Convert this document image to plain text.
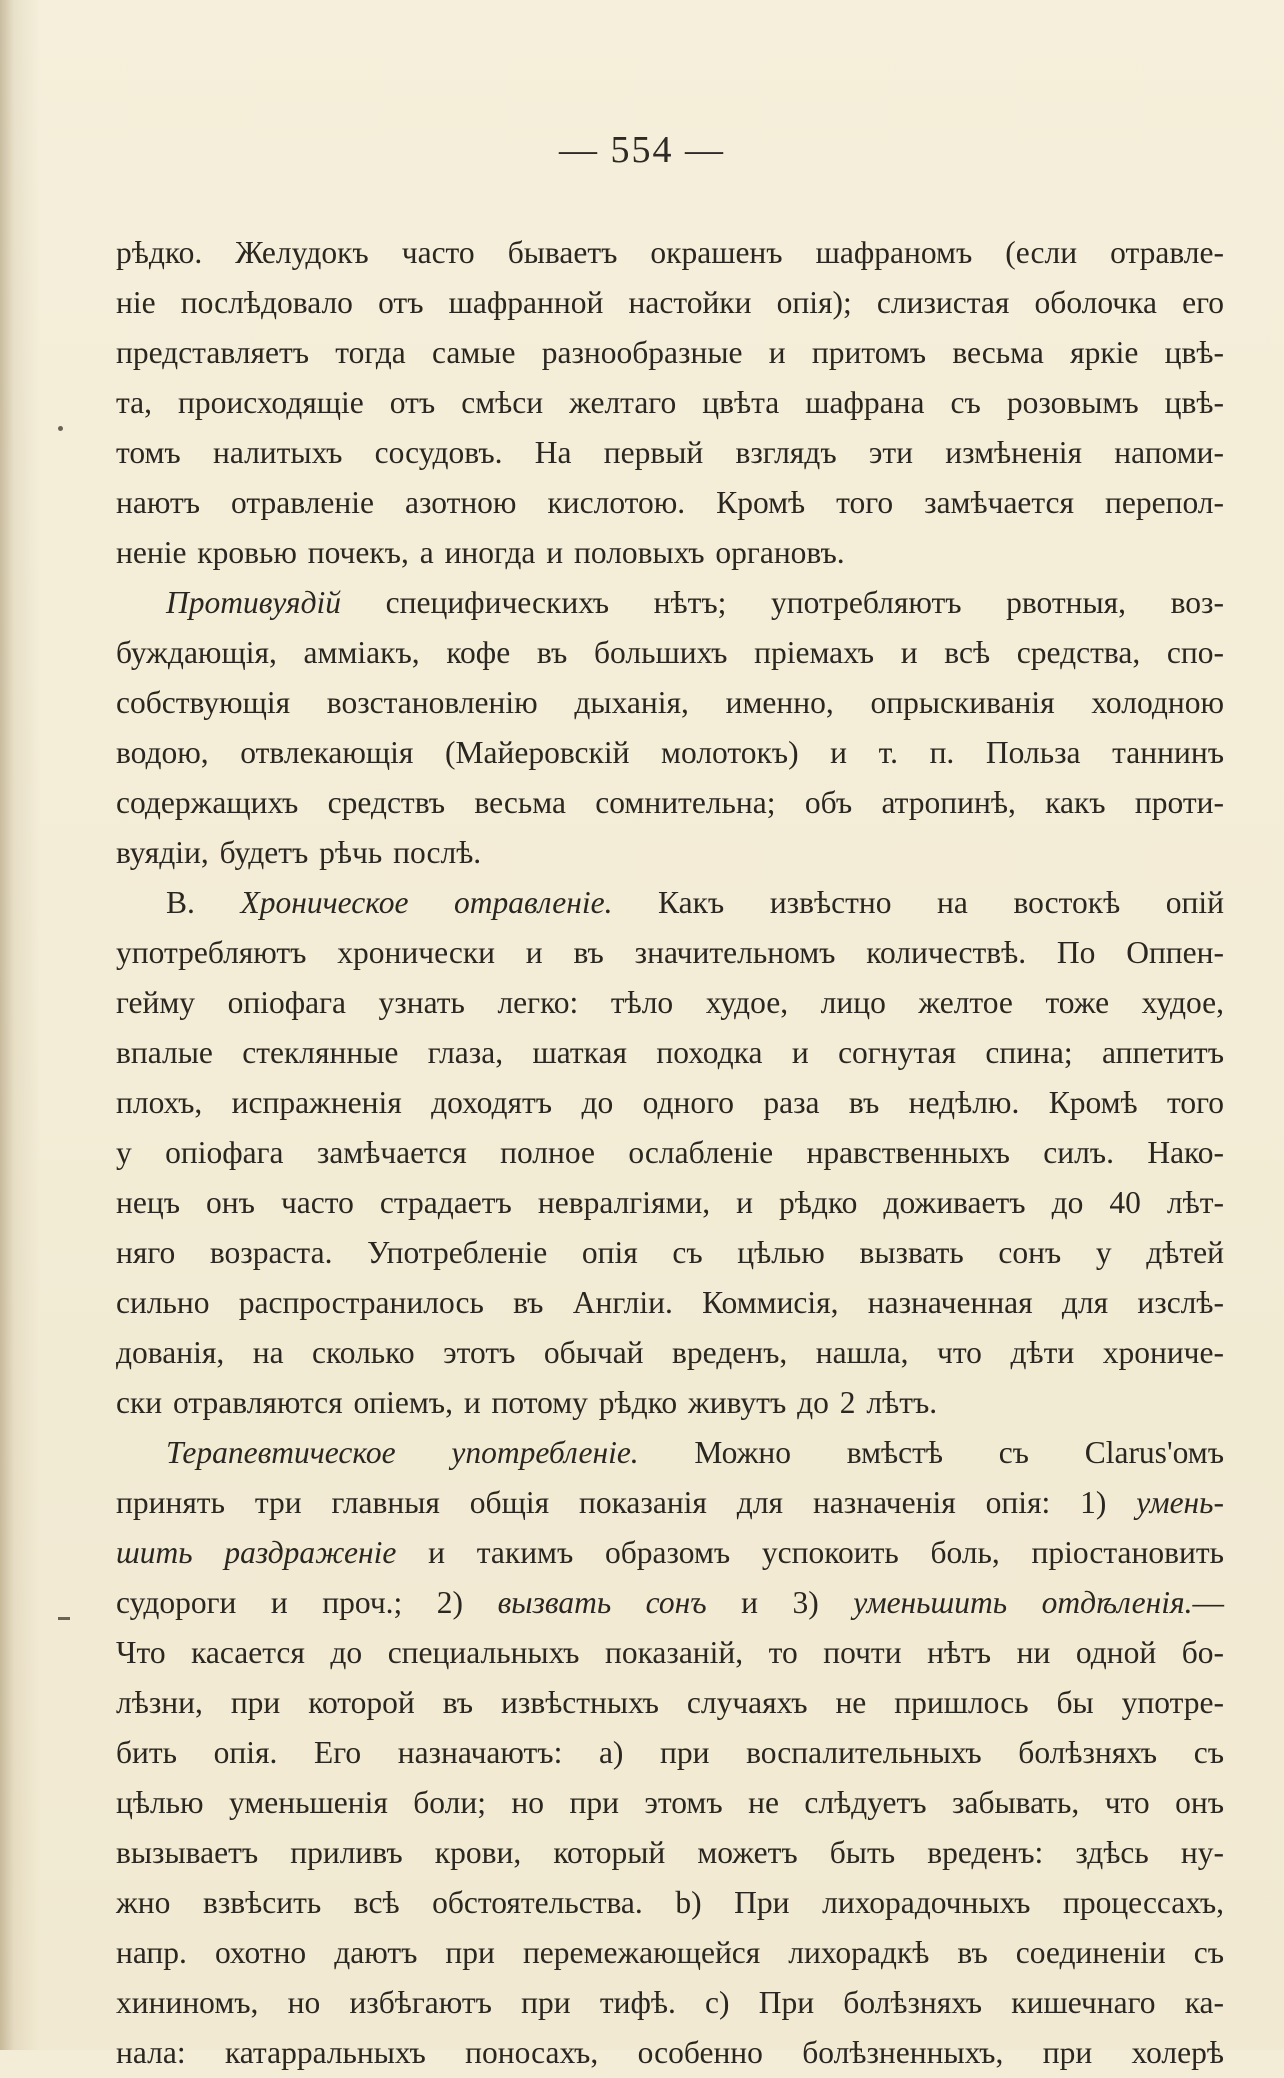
— 554 —

рѣдко. Желудокъ часто бываетъ окрашенъ шафраномъ (если отравле-
ніе послѣдовало отъ шафранной настойки опія); слизистая оболочка его
представляетъ тогда самые разнообразные и притомъ весьма яркіе цвѣ-
та, происходящіе отъ смѣси желтаго цвѣта шафрана съ розовымъ цвѣ-
томъ налитыхъ сосудовъ. На первый взглядъ эти измѣненія напоми-
наютъ отравленіе азотною кислотою. Кромѣ того замѣчается перепол-
неніе кровью почекъ, а иногда и половыхъ органовъ.

Противуядій специфическихъ нѣтъ; употребляютъ рвотныя, воз-
буждающія, аммiакъ, кофе въ большихъ пріемахъ и всѣ средства, спо-
собствующія возстановленію дыханія, именно, опрыскиванія холодною
водою, отвлекающія (Майеровскій молотокъ) и т. п. Польза таннинъ
содержащихъ средствъ весьма сомнительна; объ атропинѣ, какъ проти-
вуядіи, будетъ рѣчь послѣ.

В. Хроническое отравленіе. Какъ извѣстно на востокѣ опій
употребляютъ хронически и въ значительномъ количествѣ. По Оппен-
гейму опіофага узнать легко: тѣло худое, лицо желтое тоже худое,
впалые стеклянные глаза, шаткая походка и согнутая спина; аппетитъ
плохъ, испражненія доходятъ до одного раза въ недѣлю. Кромѣ того
у опіофага замѣчается полное ослабленіе нравственныхъ силъ. Нако-
нецъ онъ часто страдаетъ невралгіями, и рѣдко доживаетъ до 40 лѣт-
няго возраста. Употребленіе опія съ цѣлью вызвать сонъ у дѣтей
сильно распространилось въ Англіи. Коммисія, назначенная для изслѣ-
дованія, на сколько этотъ обычай вреденъ, нашла, что дѣти хрониче-
ски отравляются опіемъ, и потому рѣдко живутъ до 2 лѣтъ.

Терапевтическое употребленіе. Можно вмѣстѣ съ Clarus'омъ
принять три главныя общія показанія для назначенія опія: 1) умень-
шить раздраженіе и такимъ образомъ успокоить боль, пріостановить
судороги и проч.; 2) вызвать сонъ и 3) уменьшить отдѣленія.—
Что касается до специальныхъ показаній, то почти нѣтъ ни одной бо-
лѣзни, при которой въ извѣстныхъ случаяхъ не пришлось бы употре-
бить опія. Его назначаютъ: а) при воспалительныхъ болѣзняхъ съ
цѣлью уменьшенія боли; но при этомъ не слѣдуетъ забывать, что онъ
вызываетъ приливъ крови, который можетъ быть вреденъ: здѣсь ну-
жно взвѣсить всѣ обстоятельства. b) При лихорадочныхъ процессахъ,
напр. охотно даютъ при перемежающейся лихорадкѣ въ соединеніи съ
хининомъ, но избѣгаютъ при тифѣ. с) При болѣзняхъ кишечнаго ка-
нала: катарральныхъ поносахъ, особенно болѣзненныхъ, при холерѣ
